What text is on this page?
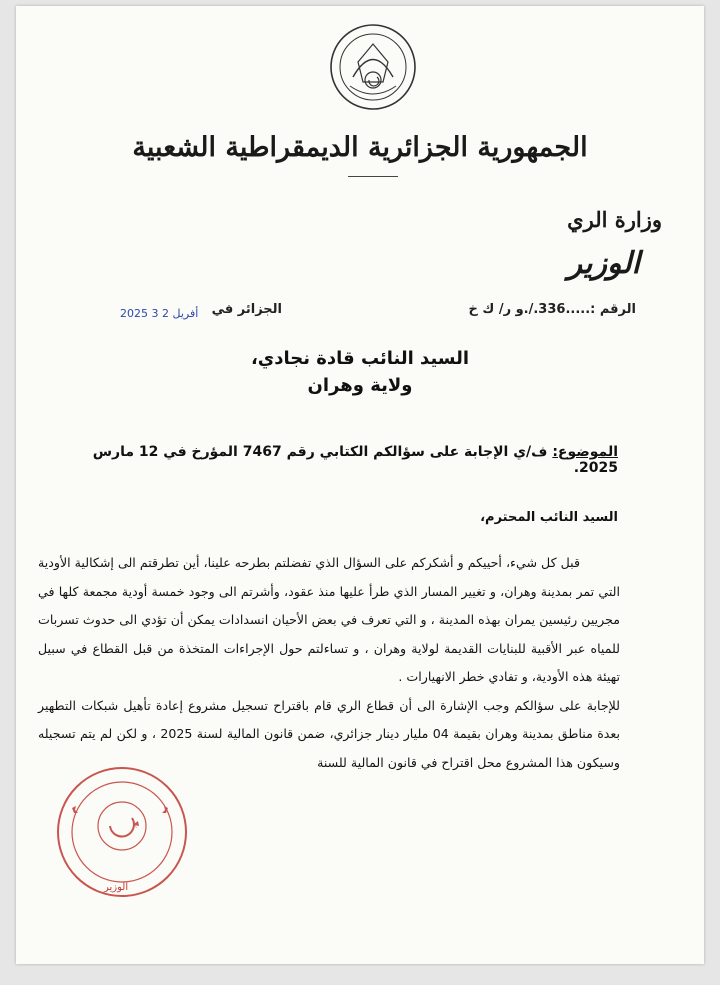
الجمهورية الجزائرية الديمقراطية الشعبية
وزارة الري
الوزير
الرقم :.....336./.و ر/ ك خ
الجزائر في
2025 أفريل 2 3
السيد النائب قادة نجادي،
ولاية وهران
الموضوع: ف/ي الإجابة على سؤالكم الكتابي رقم 7467 المؤرخ في 12 مارس 2025.
السيد النائب المحترم،

قبل كل شيء، أحييكم و أشكركم على السؤال الذي تفضلتم بطرحه علينا، أين تطرقتم الى إشكالية الأودية التي تمر بمدينة وهران، و تغيير المسار الذي طرأ عليها منذ عقود، وأشرتم الى وجود خمسة أودية مجمعة كلها في مجريين رئيسين يمران بهذه المدينة ، و التي تعرف في بعض الأحيان انسدادات يمكن أن تؤدي الى حدوث تسربات للمياه عبر الأقبية للبنايات القديمة لولاية وهران ، و تساءلتم حول الإجراءات المتخذة من قبل القطاع في سبيل تهيئة هذه الأودية، و تفادي خطر الانهيارات .

للإجابة على سؤالكم وجب الإشارة الى أن قطاع الري قام باقتراح تسجيل مشروع إعادة تأهيل شبكات التطهير بعدة مناطق بمدينة وهران بقيمة 04 مليار دينار جزائري، ضمن قانون المالية لسنة 2025 ، و لكن لم يتم تسجيله وسيكون هذا المشروع محل اقتراح في قانون المالية للسنة

الوزير
